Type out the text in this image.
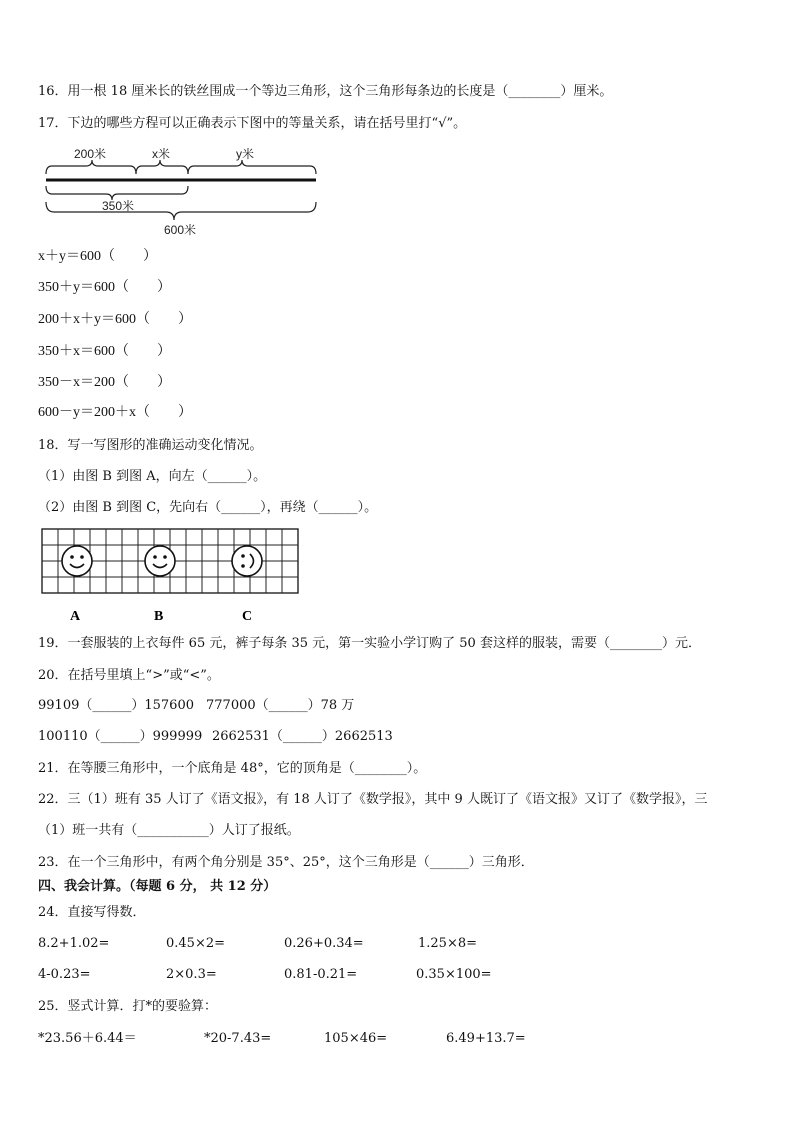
16．用一根 18 厘米长的铁丝围成一个等边三角形，这个三角形每条边的长度是（________）厘米。
17．下边的哪些方程可以正确表示下图中的等量关系，请在括号里打“√”。
200米	x米	y米
350米
600米
x＋y＝600（　　）
350＋y＝600（　　）
200＋x＋y＝600（　　）
350＋x＝600（　　）
350－x＝200（　　）
600－y＝200＋x（　　）
18．写一写图形的准确运动变化情况。
（1）由图 B 到图 A，向左（______）。
（2）由图 B 到图 C，先向右（______），再绕（______）。
A	B	C
19．一套服装的上衣每件 65 元，裤子每条 35 元，第一实验小学订购了 50 套这样的服装，需要（________）元．
20．在括号里填上“>”或“<”。
99109（______）157600 777000（______）78 万
100110（______）999999 2662531（______）2662513
21．在等腰三角形中，一个底角是 48°，它的顶角是（________）。
22．三（1）班有 35 人订了《语文报》，有 18 人订了《数学报》，其中 9 人既订了《语文报》又订了《数学报》，三
（1）班一共有（___________）人订了报纸。
23．在一个三角形中，有两个角分别是 35°、25°，这个三角形是（______）三角形．
四、我会计算。（每题 6 分， 共 12 分）
24．直接写得数．
8.2+1.02=	0.45×2=	0.26+0.34=	1.25×8=
4-0.23=	2×0.3=	0.81-0.21=	0.35×100=
25．竖式计算．打*的要验算：
*23.56＋6.44＝	*20-7.43=	105×46=	6.49+13.7=
